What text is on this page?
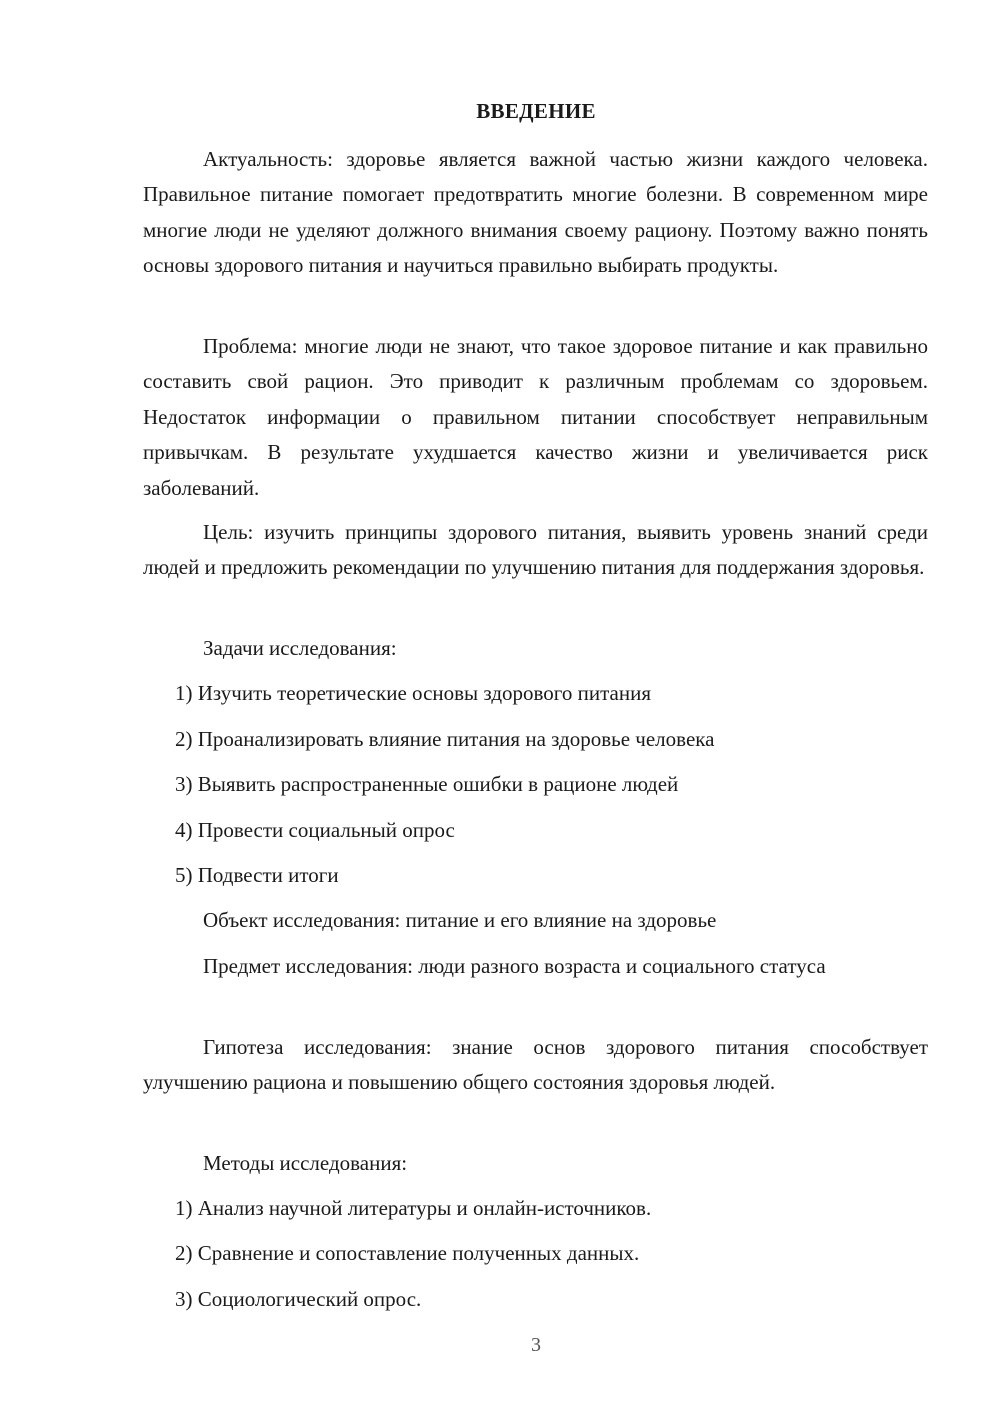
ВВЕДЕНИЕ

Актуальность: здоровье является важной частью жизни каждого человека. Правильное питание помогает предотвратить многие болезни. В современном мире многие люди не уделяют должного внимания своему рациону. Поэтому важно понять основы здорового питания и научиться правильно выбирать продукты.

Проблема: многие люди не знают, что такое здоровое питание и как правильно составить свой рацион. Это приводит к различным проблемам со здоровьем. Недостаток информации о правильном питании способствует неправильным привычкам. В результате ухудшается качество жизни и увеличивается риск заболеваний.

Цель: изучить принципы здорового питания, выявить уровень знаний среди людей и предложить рекомендации по улучшению питания для поддержания здоровья.

Задачи исследования:

1) Изучить теоретические основы здорового питания

2) Проанализировать влияние питания на здоровье человека

3) Выявить распространенные ошибки в рационе людей

4) Провести социальный опрос

5) Подвести итоги

Объект исследования: питание и его влияние на здоровье

Предмет исследования: люди разного возраста и социального статуса

Гипотеза исследования: знание основ здорового питания способствует улучшению рациона и повышению общего состояния здоровья людей.

Методы исследования:

1) Анализ научной литературы и онлайн-источников.

2) Сравнение и сопоставление полученных данных.

3) Социологический опрос.

3
